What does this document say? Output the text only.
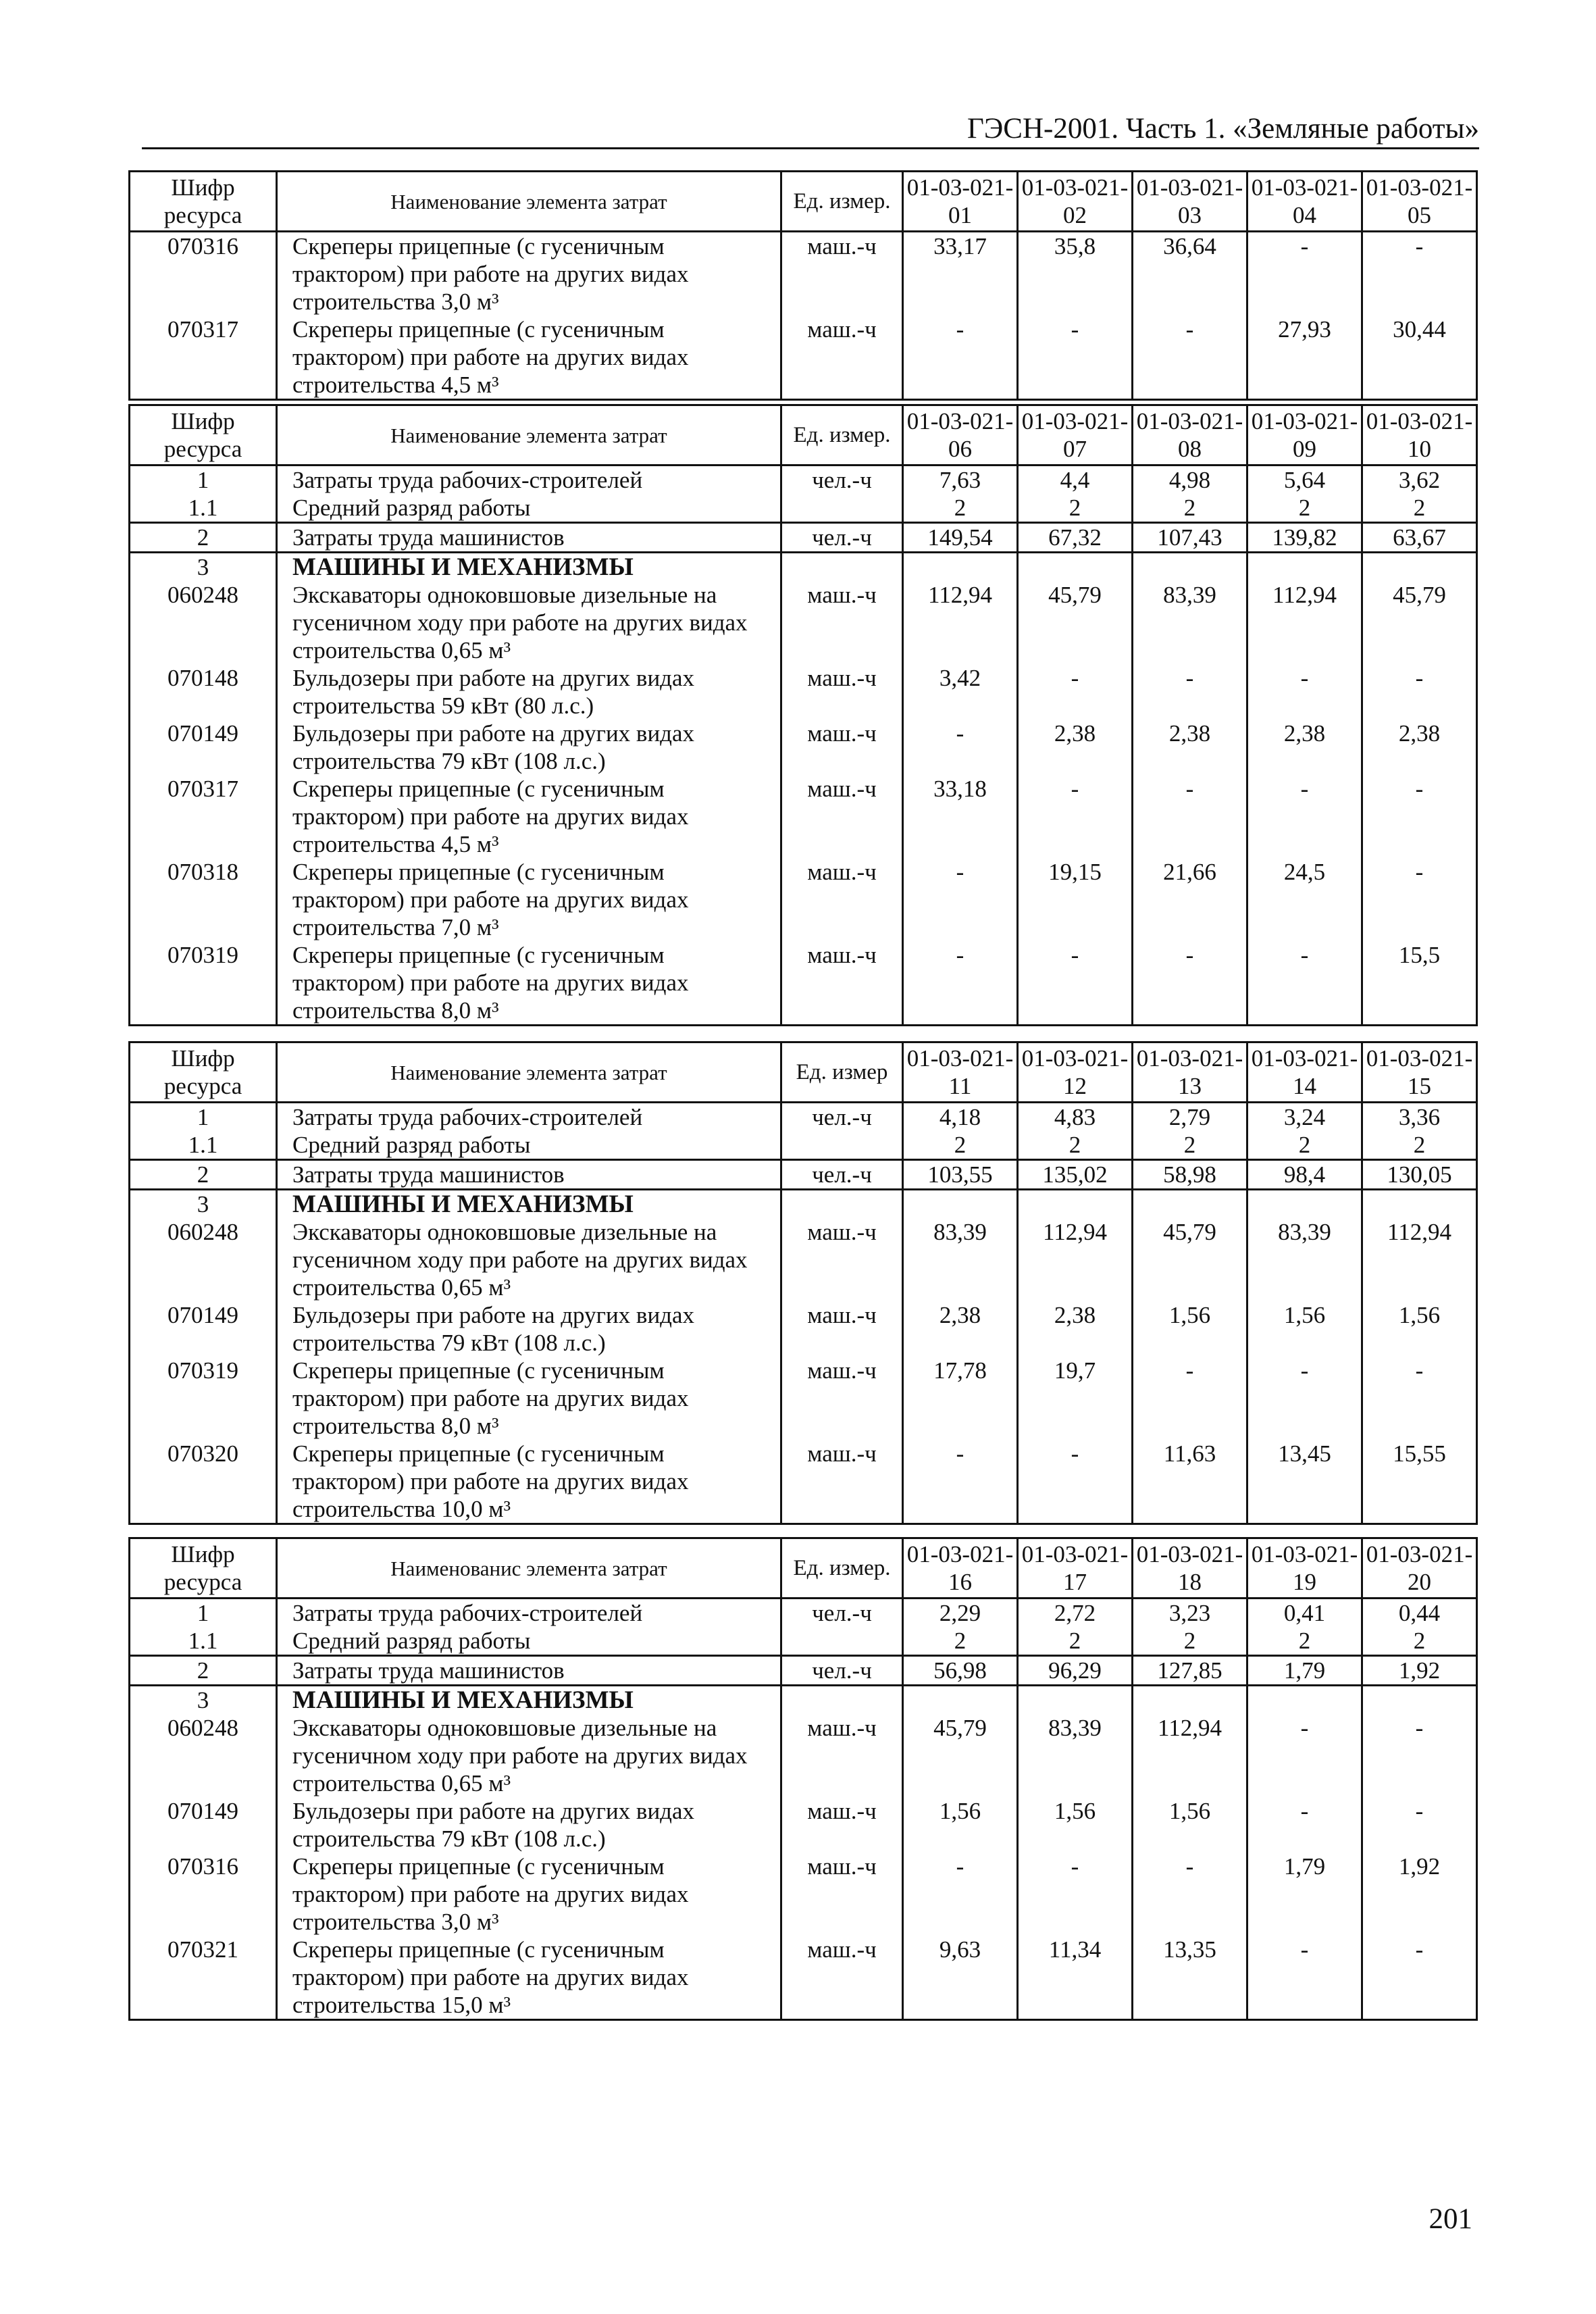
ГЭСН-2001. Часть 1. «Земляные работы»
Шифр ресурса	Наименование элемента затрат	Ед. измер.	01-03-021-01	01-03-021-02	01-03-021-03	01-03-021-04	01-03-021-05
070316	Скреперы прицепные (с гусеничным трактором) при работе на других видах строительства 3,0 м³	маш.-ч	33,17	35,8	36,64	-	-
070317	Скреперы прицепные (с гусеничным трактором) при работе на других видах строительства 4,5 м³	маш.-ч	-	-	-	27,93	30,44
Шифр ресурса	Наименование элемента затрат	Ед. измер.	01-03-021-06	01-03-021-07	01-03-021-08	01-03-021-09	01-03-021-10
1	Затраты труда рабочих-строителей	чел.-ч	7,63	4,4	4,98	5,64	3,62
1.1	Средний разряд работы		2	2	2	2	2
2	Затраты труда машинистов	чел.-ч	149,54	67,32	107,43	139,82	63,67
3	МАШИНЫ И МЕХАНИЗМЫ						
060248	Экскаваторы одноковшовые дизельные на гусеничном ходу при работе на других видах строительства 0,65 м³	маш.-ч	112,94	45,79	83,39	112,94	45,79
070148	Бульдозеры при работе на других видах строительства 59 кВт (80 л.с.)	маш.-ч	3,42	-	-	-	-
070149	Бульдозеры при работе на других видах строительства 79 кВт (108 л.с.)	маш.-ч	-	2,38	2,38	2,38	2,38
070317	Скреперы прицепные (с гусеничным трактором) при работе на других видах строительства 4,5 м³	маш.-ч	33,18	-	-	-	-
070318	Скреперы прицепные (с гусеничным трактором) при работе на других видах строительства 7,0 м³	маш.-ч	-	19,15	21,66	24,5	-
070319	Скреперы прицепные (с гусеничным трактором) при работе на других видах строительства 8,0 м³	маш.-ч	-	-	-	-	15,5
Шифр ресурса	Наименование элемента затрат	Ед. измер	01-03-021-11	01-03-021-12	01-03-021-13	01-03-021-14	01-03-021-15
1	Затраты труда рабочих-строителей	чел.-ч	4,18	4,83	2,79	3,24	3,36
1.1	Средний разряд работы		2	2	2	2	2
2	Затраты труда машинистов	чел.-ч	103,55	135,02	58,98	98,4	130,05
3	МАШИНЫ И МЕХАНИЗМЫ						
060248	Экскаваторы одноковшовые дизельные на гусеничном ходу при работе на других видах строительства 0,65 м³	маш.-ч	83,39	112,94	45,79	83,39	112,94
070149	Бульдозеры при работе на других видах строительства 79 кВт (108 л.с.)	маш.-ч	2,38	2,38	1,56	1,56	1,56
070319	Скреперы прицепные (с гусеничным трактором) при работе на других видах строительства 8,0 м³	маш.-ч	17,78	19,7	-	-	-
070320	Скреперы прицепные (с гусеничным трактором) при работе на других видах строительства 10,0 м³	маш.-ч	-	-	11,63	13,45	15,55
Шифр ресурса	Наименованис элемента затрат	Ед. измер.	01-03-021-16	01-03-021-17	01-03-021-18	01-03-021-19	01-03-021-20
1	Затраты труда рабочих-строителей	чел.-ч	2,29	2,72	3,23	0,41	0,44
1.1	Средний разряд работы		2	2	2	2	2
2	Затраты труда машинистов	чел.-ч	56,98	96,29	127,85	1,79	1,92
3	МАШИНЫ И МЕХАНИЗМЫ						
060248	Экскаваторы одноковшовые дизельные на гусеничном ходу при работе на других видах строительства 0,65 м³	маш.-ч	45,79	83,39	112,94	-	-
070149	Бульдозеры при работе на других видах строительства 79 кВт (108 л.с.)	маш.-ч	1,56	1,56	1,56	-	-
070316	Скреперы прицепные (с гусеничным трактором) при работе на других видах строительства 3,0 м³	маш.-ч	-	-	-	1,79	1,92
070321	Скреперы прицепные (с гусеничным трактором) при работе на других видах строительства 15,0 м³	маш.-ч	9,63	11,34	13,35	-	-
201
